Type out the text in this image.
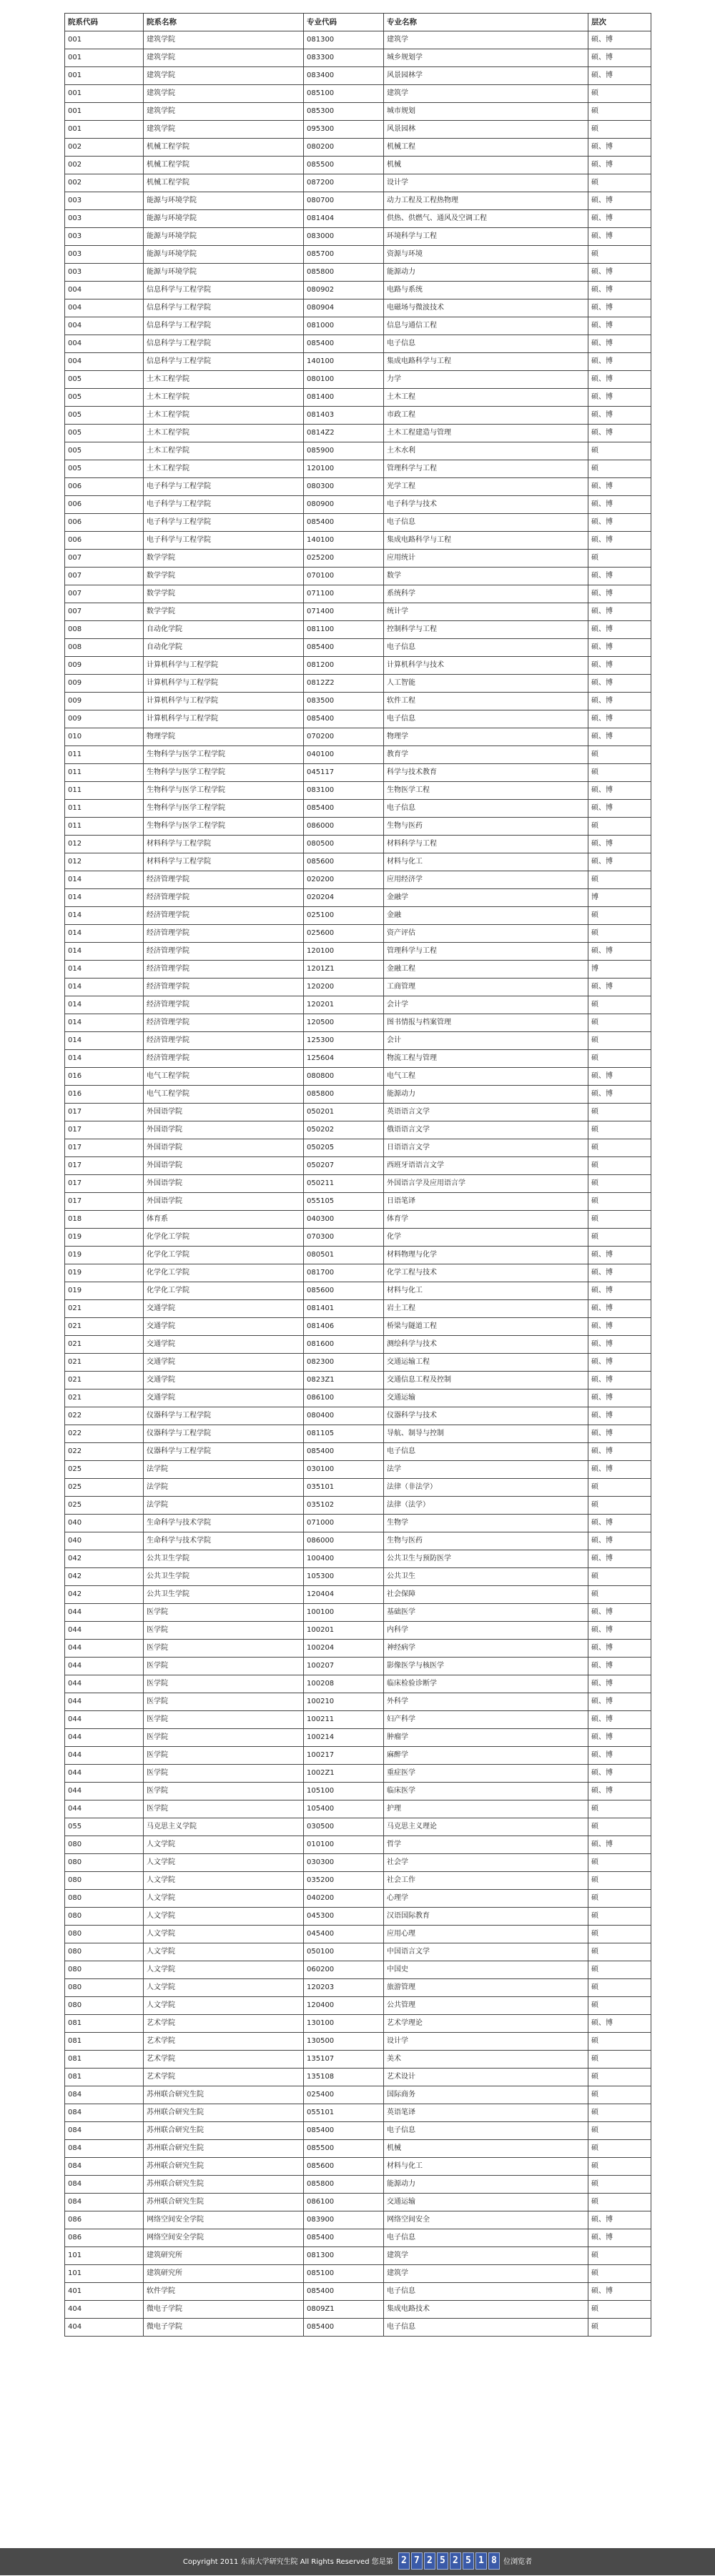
院系代码	院系名称	专业代码	专业名称	层次
001	建筑学院	081300	建筑学	硕、博
001	建筑学院	083300	城乡规划学	硕、博
001	建筑学院	083400	风景园林学	硕、博
001	建筑学院	085100	建筑学	硕
001	建筑学院	085300	城市规划	硕
001	建筑学院	095300	风景园林	硕
002	机械工程学院	080200	机械工程	硕、博
002	机械工程学院	085500	机械	硕、博
002	机械工程学院	087200	设计学	硕
003	能源与环境学院	080700	动力工程及工程热物理	硕、博
003	能源与环境学院	081404	供热、供燃气、通风及空调工程	硕、博
003	能源与环境学院	083000	环境科学与工程	硕、博
003	能源与环境学院	085700	资源与环境	硕
003	能源与环境学院	085800	能源动力	硕、博
004	信息科学与工程学院	080902	电路与系统	硕、博
004	信息科学与工程学院	080904	电磁场与微波技术	硕、博
004	信息科学与工程学院	081000	信息与通信工程	硕、博
004	信息科学与工程学院	085400	电子信息	硕、博
004	信息科学与工程学院	140100	集成电路科学与工程	硕、博
005	土木工程学院	080100	力学	硕、博
005	土木工程学院	081400	土木工程	硕、博
005	土木工程学院	081403	市政工程	硕、博
005	土木工程学院	0814Z2	土木工程建造与管理	硕、博
005	土木工程学院	085900	土木水利	硕
005	土木工程学院	120100	管理科学与工程	硕
006	电子科学与工程学院	080300	光学工程	硕、博
006	电子科学与工程学院	080900	电子科学与技术	硕、博
006	电子科学与工程学院	085400	电子信息	硕、博
006	电子科学与工程学院	140100	集成电路科学与工程	硕、博
007	数学学院	025200	应用统计	硕
007	数学学院	070100	数学	硕、博
007	数学学院	071100	系统科学	硕、博
007	数学学院	071400	统计学	硕、博
008	自动化学院	081100	控制科学与工程	硕、博
008	自动化学院	085400	电子信息	硕、博
009	计算机科学与工程学院	081200	计算机科学与技术	硕、博
009	计算机科学与工程学院	0812Z2	人工智能	硕、博
009	计算机科学与工程学院	083500	软件工程	硕、博
009	计算机科学与工程学院	085400	电子信息	硕、博
010	物理学院	070200	物理学	硕、博
011	生物科学与医学工程学院	040100	教育学	硕
011	生物科学与医学工程学院	045117	科学与技术教育	硕
011	生物科学与医学工程学院	083100	生物医学工程	硕、博
011	生物科学与医学工程学院	085400	电子信息	硕、博
011	生物科学与医学工程学院	086000	生物与医药	硕
012	材料科学与工程学院	080500	材料科学与工程	硕、博
012	材料科学与工程学院	085600	材料与化工	硕、博
014	经济管理学院	020200	应用经济学	硕
014	经济管理学院	020204	金融学	博
014	经济管理学院	025100	金融	硕
014	经济管理学院	025600	资产评估	硕
014	经济管理学院	120100	管理科学与工程	硕、博
014	经济管理学院	1201Z1	金融工程	博
014	经济管理学院	120200	工商管理	硕、博
014	经济管理学院	120201	会计学	硕
014	经济管理学院	120500	图书情报与档案管理	硕
014	经济管理学院	125300	会计	硕
014	经济管理学院	125604	物流工程与管理	硕
016	电气工程学院	080800	电气工程	硕、博
016	电气工程学院	085800	能源动力	硕、博
017	外国语学院	050201	英语语言文学	硕
017	外国语学院	050202	俄语语言文学	硕
017	外国语学院	050205	日语语言文学	硕
017	外国语学院	050207	西班牙语语言文学	硕
017	外国语学院	050211	外国语言学及应用语言学	硕
017	外国语学院	055105	日语笔译	硕
018	体育系	040300	体育学	硕
019	化学化工学院	070300	化学	硕
019	化学化工学院	080501	材料物理与化学	硕、博
019	化学化工学院	081700	化学工程与技术	硕、博
019	化学化工学院	085600	材料与化工	硕、博
021	交通学院	081401	岩土工程	硕、博
021	交通学院	081406	桥梁与隧道工程	硕、博
021	交通学院	081600	测绘科学与技术	硕、博
021	交通学院	082300	交通运输工程	硕、博
021	交通学院	0823Z1	交通信息工程及控制	硕、博
021	交通学院	086100	交通运输	硕、博
022	仪器科学与工程学院	080400	仪器科学与技术	硕、博
022	仪器科学与工程学院	081105	导航、制导与控制	硕、博
022	仪器科学与工程学院	085400	电子信息	硕、博
025	法学院	030100	法学	硕、博
025	法学院	035101	法律（非法学）	硕
025	法学院	035102	法律（法学）	硕
040	生命科学与技术学院	071000	生物学	硕、博
040	生命科学与技术学院	086000	生物与医药	硕、博
042	公共卫生学院	100400	公共卫生与预防医学	硕、博
042	公共卫生学院	105300	公共卫生	硕
042	公共卫生学院	120404	社会保障	硕
044	医学院	100100	基础医学	硕、博
044	医学院	100201	内科学	硕、博
044	医学院	100204	神经病学	硕、博
044	医学院	100207	影像医学与核医学	硕、博
044	医学院	100208	临床检验诊断学	硕、博
044	医学院	100210	外科学	硕、博
044	医学院	100211	妇产科学	硕、博
044	医学院	100214	肿瘤学	硕、博
044	医学院	100217	麻醉学	硕、博
044	医学院	1002Z1	重症医学	硕、博
044	医学院	105100	临床医学	硕、博
044	医学院	105400	护理	硕
055	马克思主义学院	030500	马克思主义理论	硕
080	人文学院	010100	哲学	硕、博
080	人文学院	030300	社会学	硕
080	人文学院	035200	社会工作	硕
080	人文学院	040200	心理学	硕
080	人文学院	045300	汉语国际教育	硕
080	人文学院	045400	应用心理	硕
080	人文学院	050100	中国语言文学	硕
080	人文学院	060200	中国史	硕
080	人文学院	120203	旅游管理	硕
080	人文学院	120400	公共管理	硕
081	艺术学院	130100	艺术学理论	硕、博
081	艺术学院	130500	设计学	硕
081	艺术学院	135107	美术	硕
081	艺术学院	135108	艺术设计	硕
084	苏州联合研究生院	025400	国际商务	硕
084	苏州联合研究生院	055101	英语笔译	硕
084	苏州联合研究生院	085400	电子信息	硕
084	苏州联合研究生院	085500	机械	硕
084	苏州联合研究生院	085600	材料与化工	硕
084	苏州联合研究生院	085800	能源动力	硕
084	苏州联合研究生院	086100	交通运输	硕
086	网络空间安全学院	083900	网络空间安全	硕、博
086	网络空间安全学院	085400	电子信息	硕、博
101	建筑研究所	081300	建筑学	硕
101	建筑研究所	085100	建筑学	硕
401	软件学院	085400	电子信息	硕、博
404	微电子学院	0809Z1	集成电路技术	硕
404	微电子学院	085400	电子信息	硕
Copyright 2011 东南大学研究生院 All Rights Reserved 您是第 2 7 2 5 2 5 1 8 位浏览者
